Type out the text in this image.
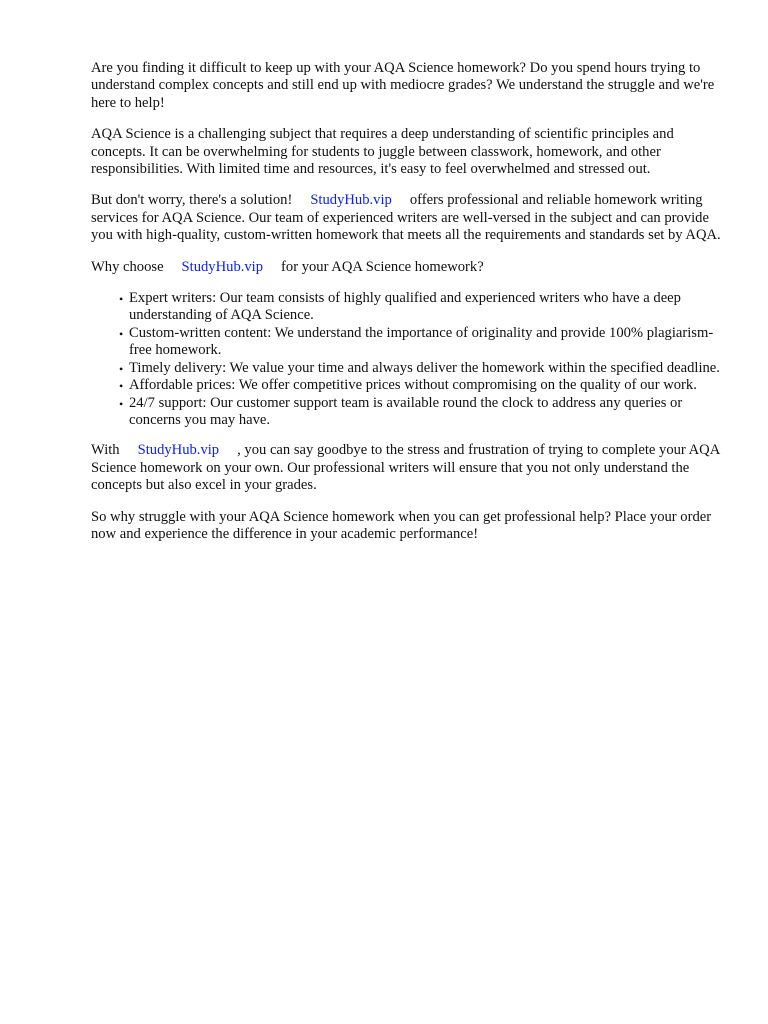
Are you finding it difficult to keep up with your AQA Science homework? Do you spend hours trying to understand complex concepts and still end up with mediocre grades? We understand the struggle and we're here to help!

AQA Science is a challenging subject that requires a deep understanding of scientific principles and concepts. It can be overwhelming for students to juggle between classwork, homework, and other responsibilities. With limited time and resources, it's easy to feel overwhelmed and stressed out.

But don't worry, there's a solution! StudyHub.vip offers professional and reliable homework writing services for AQA Science. Our team of experienced writers are well-versed in the subject and can provide you with high-quality, custom-written homework that meets all the requirements and standards set by AQA.

Why choose StudyHub.vip for your AQA Science homework?

• Expert writers: Our team consists of highly qualified and experienced writers who have a deep understanding of AQA Science.
• Custom-written content: We understand the importance of originality and provide 100% plagiarism-free homework.
• Timely delivery: We value your time and always deliver the homework within the specified deadline.
• Affordable prices: We offer competitive prices without compromising on the quality of our work.
• 24/7 support: Our customer support team is available round the clock to address any queries or concerns you may have.

With StudyHub.vip , you can say goodbye to the stress and frustration of trying to complete your AQA Science homework on your own. Our professional writers will ensure that you not only understand the concepts but also excel in your grades.

So why struggle with your AQA Science homework when you can get professional help? Place your order now and experience the difference in your academic performance!
